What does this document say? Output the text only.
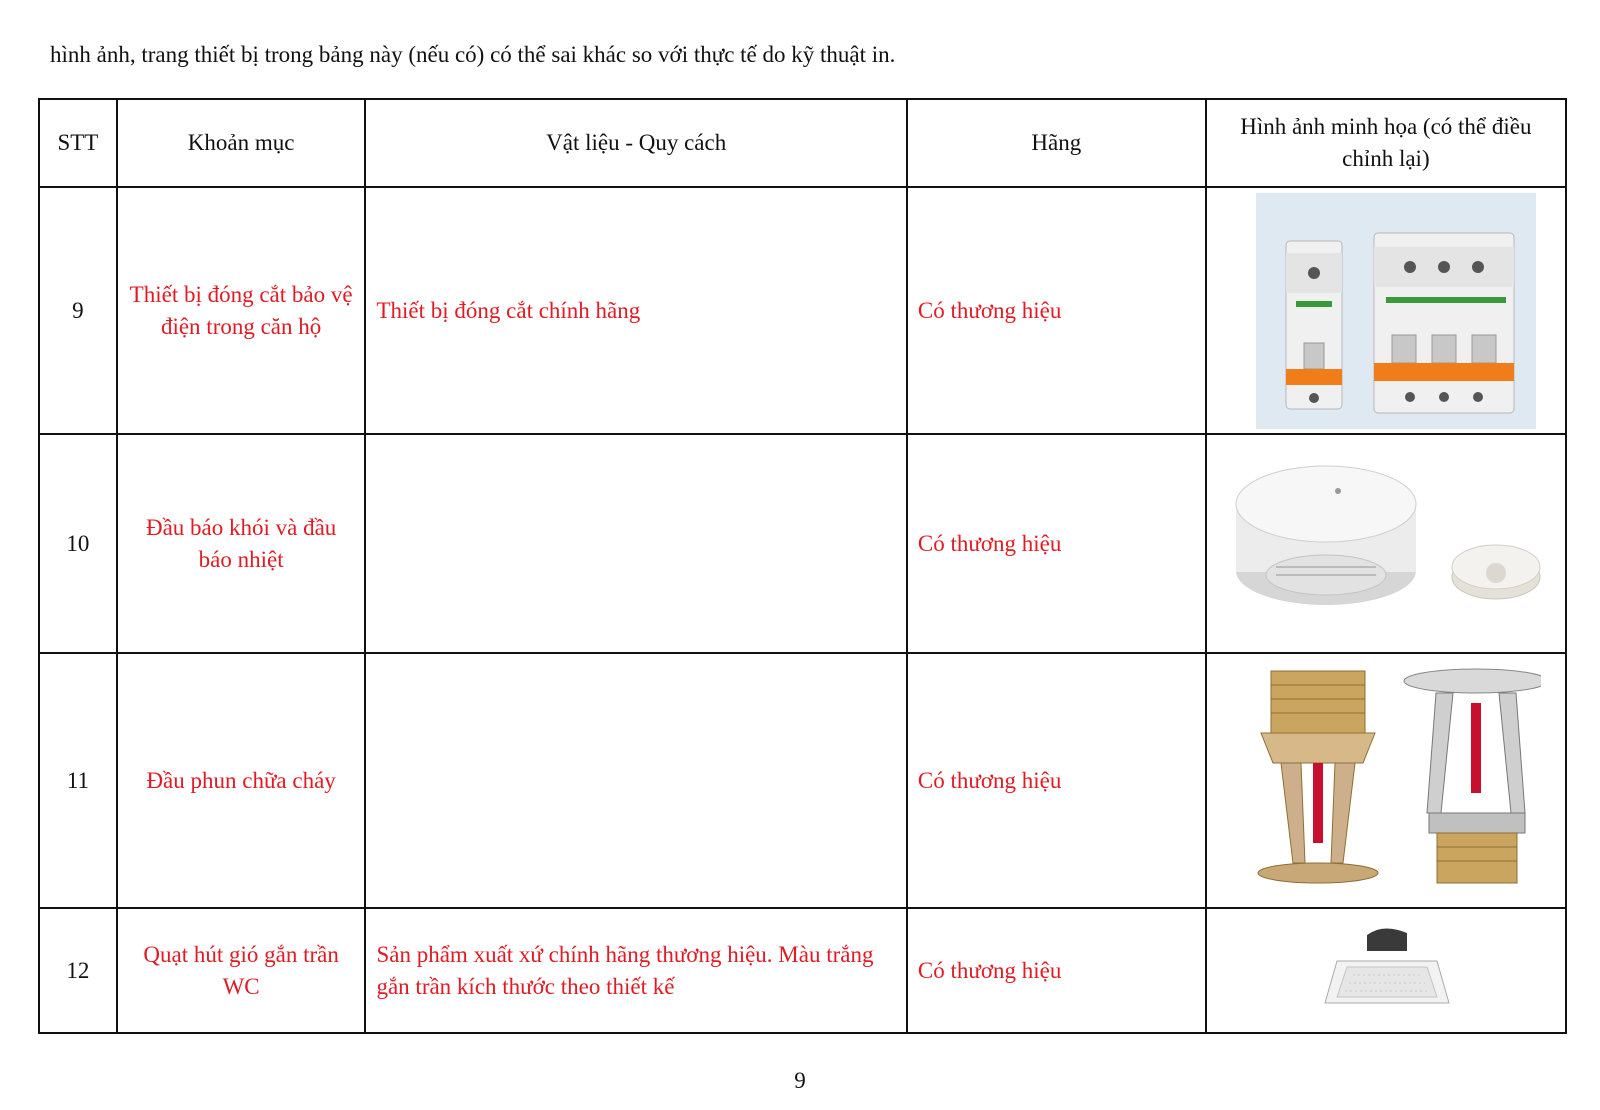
hình ảnh, trang thiết bị trong bảng này (nếu có) có thể sai khác so với thực tế do kỹ thuật in.
STT	Khoản mục	Vật liệu - Quy cách	Hãng	Hình ảnh minh họa (có thể điều chỉnh lại)
9	Thiết bị đóng cắt bảo vệ điện trong căn hộ	Thiết bị đóng cắt chính hãng	Có thương hiệu	

10	Đầu báo khói và đầu báo nhiệt		Có thương hiệu	

11	Đầu phun chữa cháy		Có thương hiệu	

12	Quạt hút gió gắn trần WC	Sản phẩm xuất xứ chính hãng thương hiệu. Màu trắng gắn trần kích thước theo thiết kế	Có thương hiệu	
9
